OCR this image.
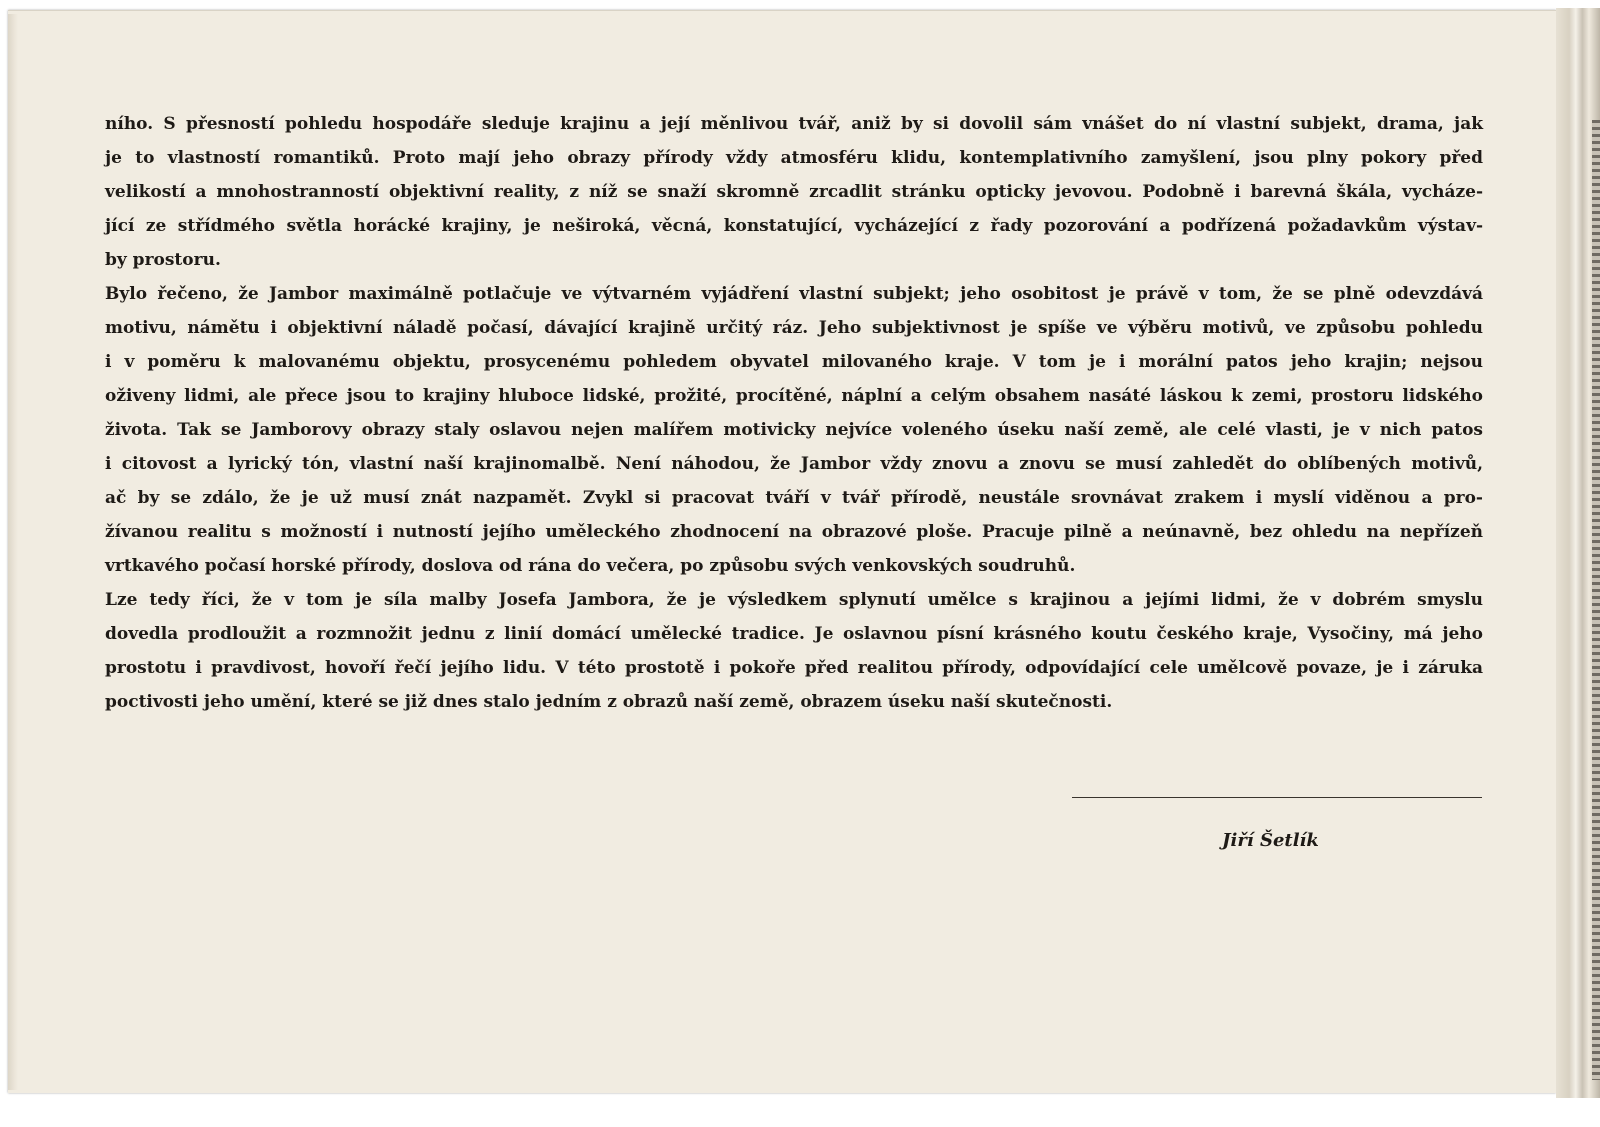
ního. S přesností pohledu hospodáře sleduje krajinu a její měnlivou tvář, aniž by si dovolil sám vnášet do ní vlastní subjekt, drama, jak
je to vlastností romantiků. Proto mají jeho obrazy přírody vždy atmosféru klidu, kontemplativního zamyšlení, jsou plny pokory před
velikostí a mnohostranností objektivní reality, z níž se snaží skromně zrcadlit stránku opticky jevovou. Podobně i barevná škála, vycháze-
jící ze střídmého světla horácké krajiny, je neširoká, věcná, konstatující, vycházející z řady pozorování a podřízená požadavkům výstav-
by prostoru.
Bylo řečeno, že Jambor maximálně potlačuje ve výtvarném vyjádření vlastní subjekt; jeho osobitost je právě v tom, že se plně odevzdává
motivu, námětu i objektivní náladě počasí, dávající krajině určitý ráz. Jeho subjektivnost je spíše ve výběru motivů, ve způsobu pohledu
i v poměru k malovanému objektu, prosycenému pohledem obyvatel milovaného kraje. V tom je i morální patos jeho krajin; nejsou
oživeny lidmi, ale přece jsou to krajiny hluboce lidské, prožité, procítěné, náplní a celým obsahem nasáté láskou k zemi, prostoru lidského
života. Tak se Jamborovy obrazy staly oslavou nejen malířem motivicky nejvíce voleného úseku naší země, ale celé vlasti, je v nich patos
i citovost a lyrický tón, vlastní naší krajinomalbě. Není náhodou, že Jambor vždy znovu a znovu se musí zahledět do oblíbených motivů,
ač by se zdálo, že je už musí znát nazpamět. Zvykl si pracovat tváří v tvář přírodě, neustále srovnávat zrakem i myslí viděnou a pro-
žívanou realitu s možností i nutností jejího uměleckého zhodnocení na obrazové ploše. Pracuje pilně a neúnavně, bez ohledu na nepřízeň
vrtkavého počasí horské přírody, doslova od rána do večera, po způsobu svých venkovských soudruhů.
Lze tedy říci, že v tom je síla malby Josefa Jambora, že je výsledkem splynutí umělce s krajinou a jejími lidmi, že v dobrém smyslu
dovedla prodloužit a rozmnožit jednu z linií domácí umělecké tradice. Je oslavnou písní krásného koutu českého kraje, Vysočiny, má jeho
prostotu i pravdivost, hovoří řečí jejího lidu. V této prostotě i pokoře před realitou přírody, odpovídající cele umělcově povaze, je i záruka
poctivosti jeho umění, které se již dnes stalo jedním z obrazů naší země, obrazem úseku naší skutečnosti.
Jiří Šetlík
